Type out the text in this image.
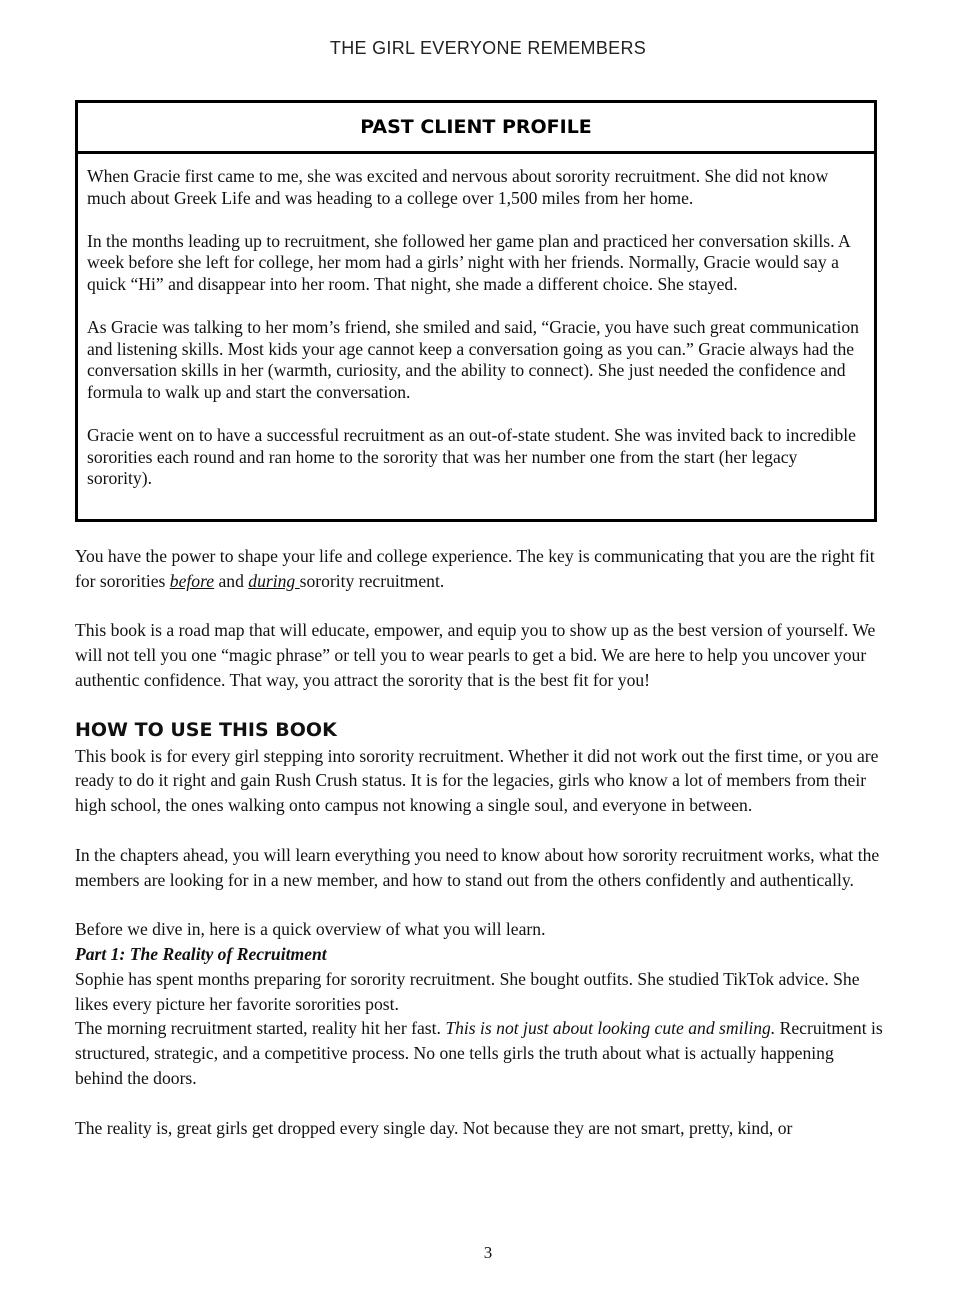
THE GIRL EVERYONE REMEMBERS
PAST CLIENT PROFILE

When Gracie first came to me, she was excited and nervous about sorority recruitment. She did not know much about Greek Life and was heading to a college over 1,500 miles from her home.

In the months leading up to recruitment, she followed her game plan and practiced her conversation skills. A week before she left for college, her mom had a girls’ night with her friends. Normally, Gracie would say a quick “Hi” and disappear into her room. That night, she made a different choice. She stayed.

As Gracie was talking to her mom’s friend, she smiled and said, “Gracie, you have such great communication and listening skills. Most kids your age cannot keep a conversation going as you can.” Gracie always had the conversation skills in her (warmth, curiosity, and the ability to connect). She just needed the confidence and formula to walk up and start the conversation.

Gracie went on to have a successful recruitment as an out-of-state student. She was invited back to incredible sororities each round and ran home to the sorority that was her number one from the start (her legacy sorority).

You have the power to shape your life and college experience. The key is communicating that you are the right fit for sororities before and during sorority recruitment.

This book is a road map that will educate, empower, and equip you to show up as the best version of yourself. We will not tell you one “magic phrase” or tell you to wear pearls to get a bid. We are here to help you uncover your authentic confidence. That way, you attract the sorority that is the best fit for you!

HOW TO USE THIS BOOK

This book is for every girl stepping into sorority recruitment. Whether it did not work out the first time, or you are ready to do it right and gain Rush Crush status. It is for the legacies, girls who know a lot of members from their high school, the ones walking onto campus not knowing a single soul, and everyone in between.

In the chapters ahead, you will learn everything you need to know about how sorority recruitment works, what the members are looking for in a new member, and how to stand out from the others confidently and authentically.

Before we dive in, here is a quick overview of what you will learn.

Part 1: The Reality of Recruitment

Sophie has spent months preparing for sorority recruitment. She bought outfits. She studied TikTok advice. She likes every picture her favorite sororities post.

The morning recruitment started, reality hit her fast. This is not just about looking cute and smiling. Recruitment is structured, strategic, and a competitive process. No one tells girls the truth about what is actually happening behind the doors.

The reality is, great girls get dropped every single day. Not because they are not smart, pretty, kind, or

3
